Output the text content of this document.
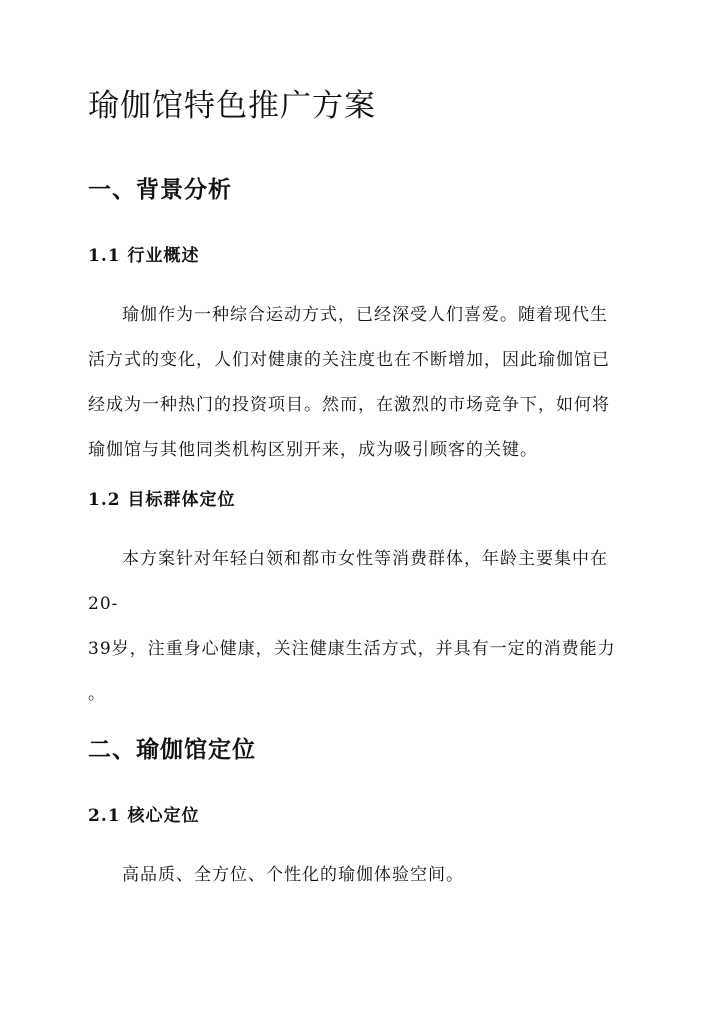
瑜伽馆特色推广方案
一、背景分析
1.1 行业概述
瑜伽作为一种综合运动方式，已经深受人们喜爱。随着现代生
活方式的变化，人们对健康的关注度也在不断增加，因此瑜伽馆已
经成为一种热门的投资项目。然而，在激烈的市场竞争下，如何将
瑜伽馆与其他同类机构区别开来，成为吸引顾客的关键。
1.2 目标群体定位
本方案针对年轻白领和都市女性等消费群体，年龄主要集中在
20-
39岁，注重身心健康，关注健康生活方式，并具有一定的消费能力
。
二、瑜伽馆定位
2.1 核心定位
高品质、全方位、个性化的瑜伽体验空间。
